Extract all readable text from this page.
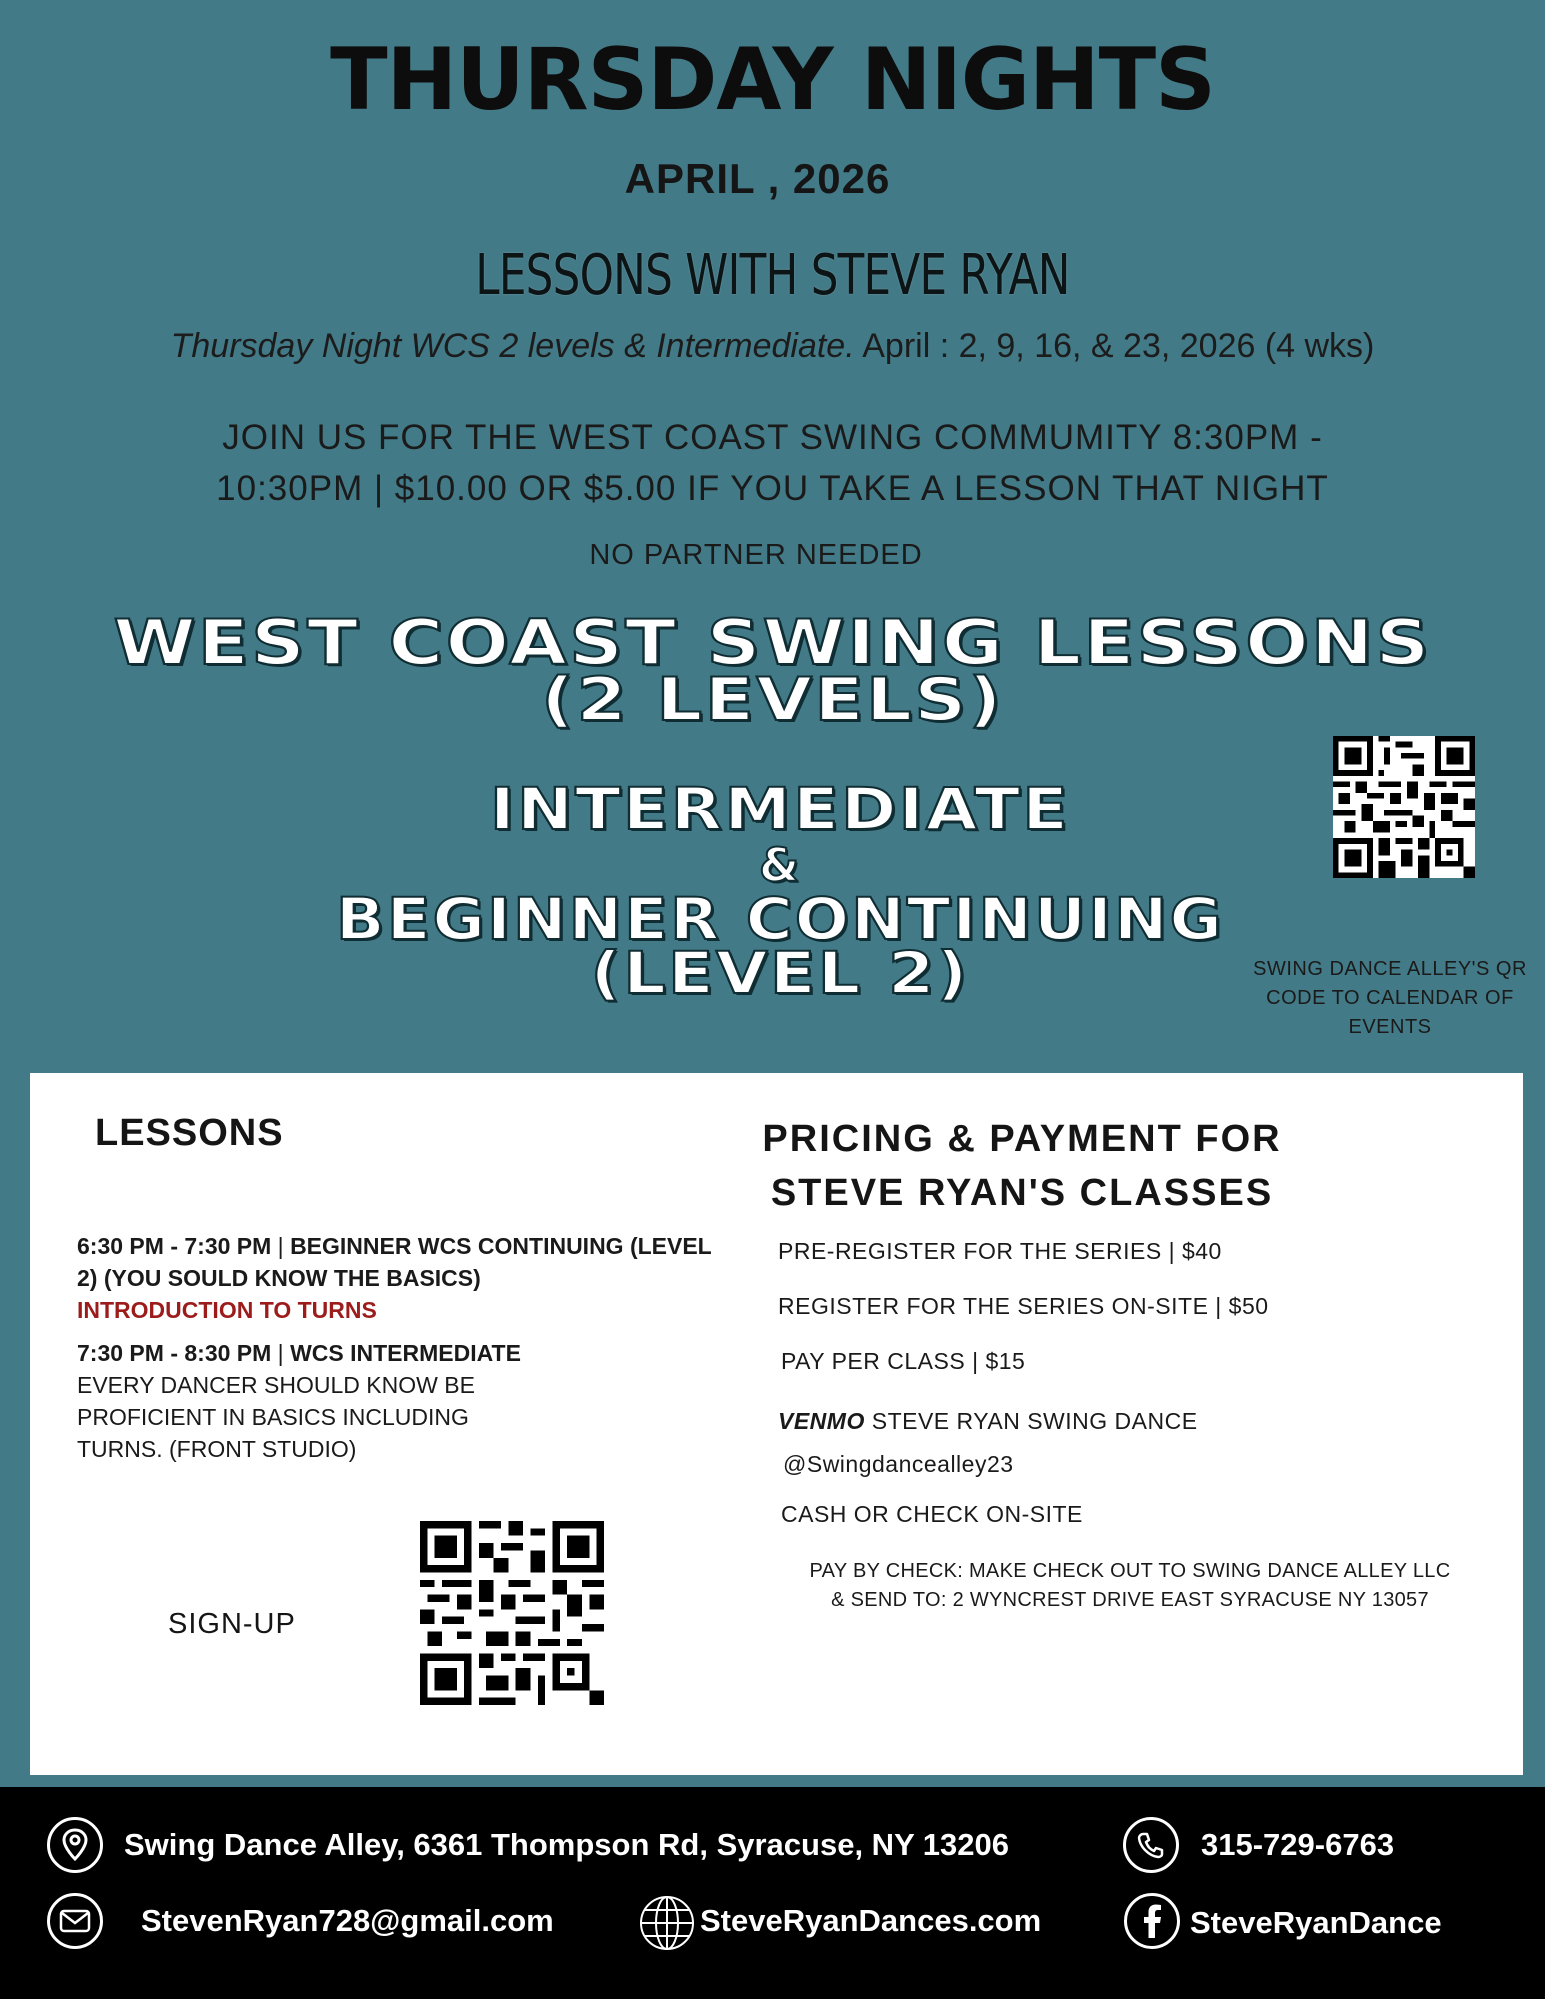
THURSDAY NIGHTS
APRIL , 2026
LESSONS WITH STEVE RYAN
Thursday Night WCS 2 levels & Intermediate. April : 2, 9, 16, & 23, 2026 (4 wks)
JOIN US FOR THE WEST COAST SWING COMMUMITY 8:30PM - 10:30PM | $10.00 OR $5.00 IF YOU TAKE A LESSON THAT NIGHT
NO PARTNER NEEDED
WEST COAST SWING LESSONS
(2 LEVELS)
INTERMEDIATE
&
BEGINNER CONTINUING
(LEVEL 2)	SWING DANCE ALLEY'S QR CODE TO CALENDAR OF EVENTS
LESSONS
6:30 PM - 7:30 PM | BEGINNER WCS CONTINUING (LEVEL 2) (YOU SOULD KNOW THE BASICS)
INTRODUCTION TO TURNS
7:30 PM - 8:30 PM | WCS INTERMEDIATE
EVERY DANCER SHOULD KNOW BE PROFICIENT IN BASICS INCLUDING TURNS. (FRONT STUDIO)
SIGN-UP
PRICING & PAYMENT FOR
STEVE RYAN'S CLASSES
PRE-REGISTER FOR THE SERIES | $40
REGISTER FOR THE SERIES ON-SITE | $50
PAY PER CLASS | $15
VENMO STEVE RYAN SWING DANCE
@Swingdancealley23
CASH OR CHECK ON-SITE
PAY BY CHECK: MAKE CHECK OUT TO SWING DANCE ALLEY LLC
& SEND TO: 2 WYNCREST DRIVE EAST SYRACUSE NY 13057
Swing Dance Alley, 6361 Thompson Rd, Syracuse, NY 13206	315-729-6763
StevenRyan728@gmail.com	SteveRyanDances.com	SteveRyanDance
